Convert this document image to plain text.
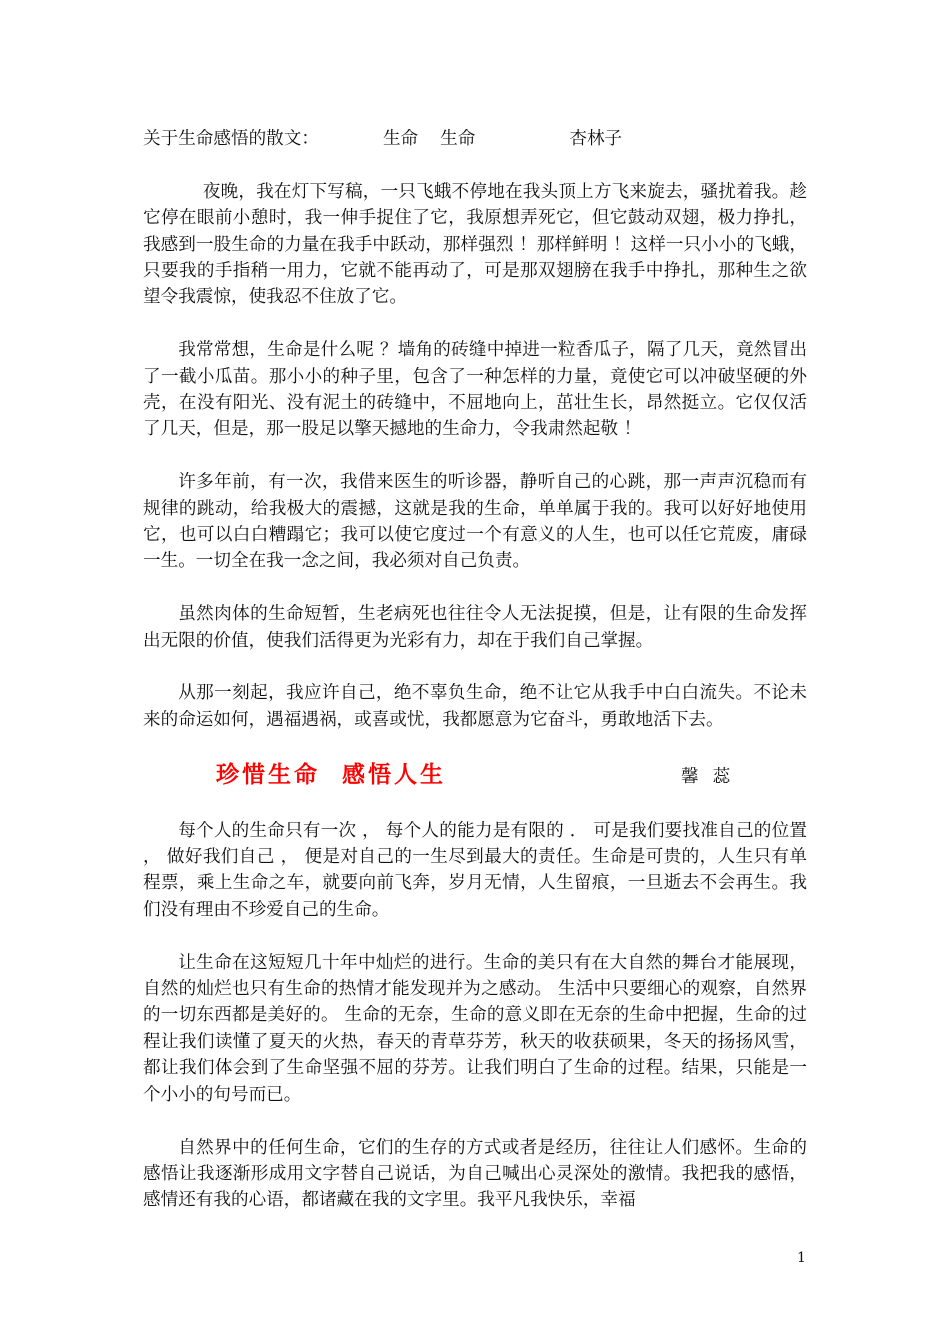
关于生命感悟的散文：	生命 生命	杏林子

夜晚，我在灯下写稿，一只飞蛾不停地在我头顶上方飞来旋去，骚扰着我。趁它停在眼前小憩时，我一伸手捉住了它，我原想弄死它，但它鼓动双翅，极力挣扎，我感到一股生命的力量在我手中跃动，那样强烈 ！那样鲜明 ！这样一只小小的飞蛾，只要我的手指稍一用力，它就不能再动了，可是那双翅膀在我手中挣扎，那种生之欲望令我震惊，使我忍不住放了它。

我常常想，生命是什么呢 ？墙角的砖缝中掉进一粒香瓜子，隔了几天，竟然冒出了一截小瓜苗。那小小的种子里，包含了一种怎样的力量，竟使它可以冲破坚硬的外壳，在没有阳光、没有泥土的砖缝中，不屈地向上，茁壮生长，昂然挺立。它仅仅活了几天，但是，那一股足以擎天撼地的生命力，令我肃然起敬 ！

许多年前，有一次，我借来医生的听诊器，静听自己的心跳，那一声声沉稳而有规律的跳动，给我极大的震撼，这就是我的生命，单单属于我的。我可以好好地使用它，也可以白白糟蹋它；我可以使它度过一个有意义的人生，也可以任它荒废，庸碌一生。一切全在我一念之间，我必须对自己负责。

虽然肉体的生命短暂，生老病死也往往令人无法捉摸，但是，让有限的生命发挥出无限的价值，使我们活得更为光彩有力，却在于我们自己掌握。

从那一刻起，我应许自己，绝不辜负生命，绝不让它从我手中白白流失。不论未来的命运如何，遇福遇祸，或喜或忧，我都愿意为它奋斗，勇敢地活下去。

珍惜生命 感悟人生	馨蕊

每个人的生命只有一次 ， 每个人的能力是有限的 ． 可是我们要找准自己的位置 ， 做好我们自己 ， 便是对自己的一生尽到最大的责任。生命是可贵的，人生只有单程票，乘上生命之车，就要向前飞奔，岁月无情，人生留痕，一旦逝去不会再生。我们没有理由不珍爱自己的生命。

让生命在这短短几十年中灿烂的进行。生命的美只有在大自然的舞台才能展现，自然的灿烂也只有生命的热情才能发现并为之感动。 生活中只要细心的观察，自然界的一切东西都是美好的。 生命的无奈，生命的意义即在无奈的生命中把握，生命的过程让我们读懂了夏天的火热，春天的青草芬芳，秋天的收获硕果，冬天的扬扬风雪，都让我们体会到了生命坚强不屈的芬芳。让我们明白了生命的过程。结果，只能是一个小小的句号而已。

自然界中的任何生命，它们的生存的方式或者是经历，往往让人们感怀。生命的感悟让我逐渐形成用文字替自己说话，为自己喊出心灵深处的激情。我把我的感悟，感情还有我的心语，都诸藏在我的文字里。我平凡我快乐，幸福

1
